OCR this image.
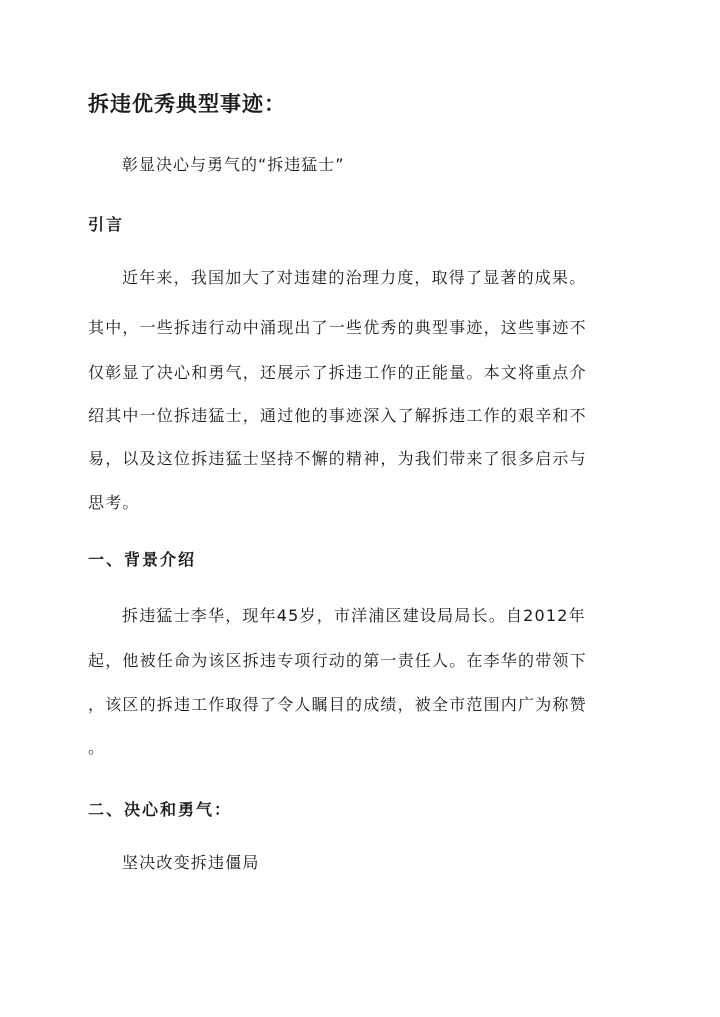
拆违优秀典型事迹：
彰显决心与勇气的“拆违猛士”
引言
近年来，我国加大了对违建的治理力度，取得了显著的成果。
其中，一些拆违行动中涌现出了一些优秀的典型事迹，这些事迹不
仅彰显了决心和勇气，还展示了拆违工作的正能量。本文将重点介
绍其中一位拆违猛士，通过他的事迹深入了解拆违工作的艰辛和不
易，以及这位拆违猛士坚持不懈的精神，为我们带来了很多启示与
思考。
一、背景介绍
拆违猛士李华，现年45岁，市洋浦区建设局局长。自2012年
起，他被任命为该区拆违专项行动的第一责任人。在李华的带领下
，该区的拆违工作取得了令人瞩目的成绩，被全市范围内广为称赞
。
二、决心和勇气：
坚决改变拆违僵局
